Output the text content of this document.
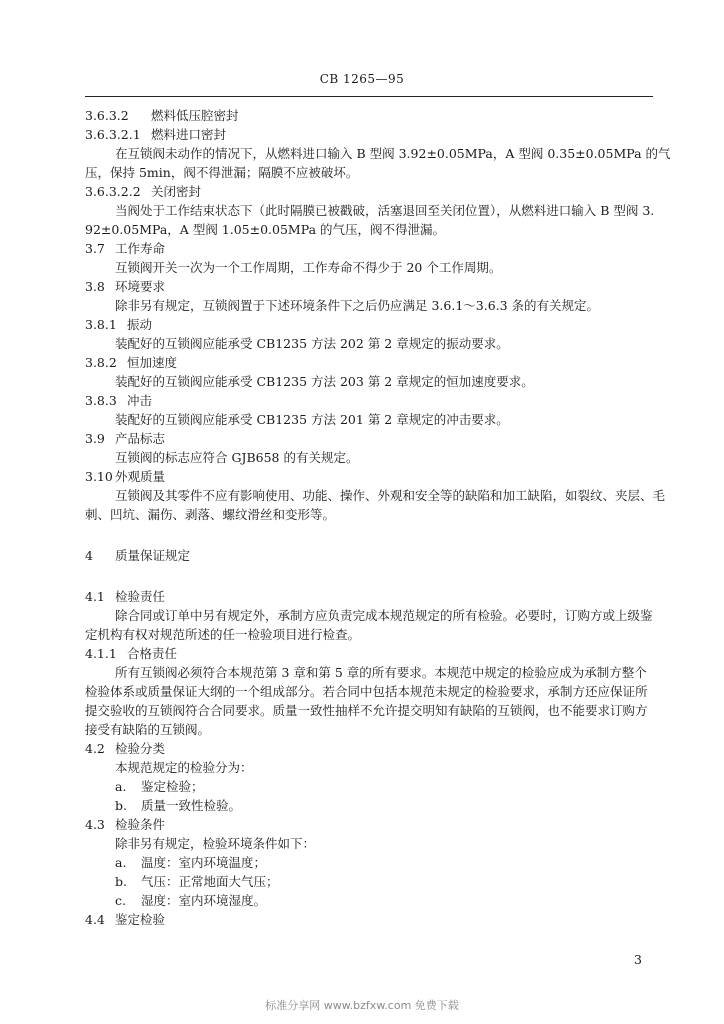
CB 1265—95
3.6.3.2 燃料低压腔密封
3.6.3.2.1 燃料进口密封
在互锁阀未动作的情况下，从燃料进口输入 B 型阀 3.92±0.05MPa，A 型阀 0.35±0.05MPa 的气
压，保持 5min，阀不得泄漏；隔膜不应被破坏。
3.6.3.2.2 关闭密封
当阀处于工作结束状态下（此时隔膜已被戳破，活塞退回至关闭位置），从燃料进口输入 B 型阀 3.
92±0.05MPa，A 型阀 1.05±0.05MPa 的气压，阀不得泄漏。
3.7 工作寿命
互锁阀开关一次为一个工作周期，工作寿命不得少于 20 个工作周期。
3.8 环境要求
除非另有规定，互锁阀置于下述环境条件下之后仍应满足 3.6.1～3.6.3 条的有关规定。
3.8.1 振动
装配好的互锁阀应能承受 CB1235 方法 202 第 2 章规定的振动要求。
3.8.2 恒加速度
装配好的互锁阀应能承受 CB1235 方法 203 第 2 章规定的恒加速度要求。
3.8.3 冲击
装配好的互锁阀应能承受 CB1235 方法 201 第 2 章规定的冲击要求。
3.9 产品标志
互锁阀的标志应符合 GJB658 的有关规定。
3.10 外观质量
互锁阀及其零件不应有影响使用、功能、操作、外观和安全等的缺陷和加工缺陷，如裂纹、夹层、毛
刺、凹坑、漏伤、剥落、螺纹滑丝和变形等。
4 质量保证规定
4.1 检验责任
除合同或订单中另有规定外，承制方应负责完成本规范规定的所有检验。必要时，订购方或上级鉴
定机构有权对规范所述的任一检验项目进行检查。
4.1.1 合格责任
所有互锁阀必须符合本规范第 3 章和第 5 章的所有要求。本规范中规定的检验应成为承制方整个
检验体系或质量保证大纲的一个组成部分。若合同中包括本规范未规定的检验要求，承制方还应保证所
提交验收的互锁阀符合合同要求。质量一致性抽样不允许提交明知有缺陷的互锁阀，也不能要求订购方
接受有缺陷的互锁阀。
4.2 检验分类
本规范规定的检验分为：
a. 鉴定检验；
b. 质量一致性检验。
4.3 检验条件
除非另有规定，检验环境条件如下：
a. 温度：室内环境温度；
b. 气压：正常地面大气压；
c. 湿度：室内环境湿度。
4.4 鉴定检验
3
标准分享网 www.bzfxw.com 免费下载
